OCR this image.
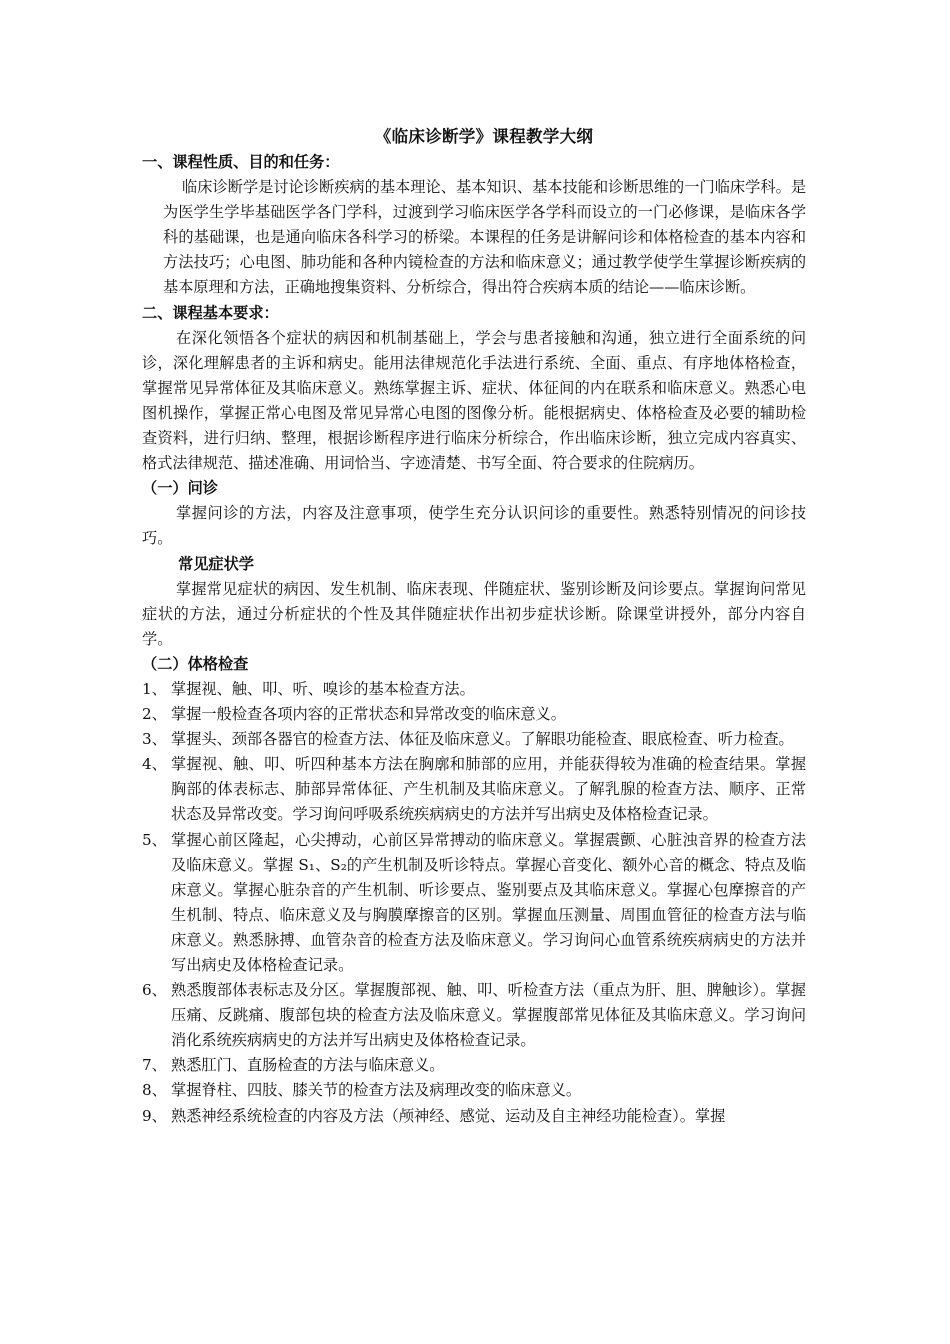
《临床诊断学》课程教学大纲

一、课程性质、目的和任务：

临床诊断学是讨论诊断疾病的基本理论、基本知识、基本技能和诊断思维的一门临床学科。是为医学生学毕基础医学各门学科，过渡到学习临床医学各学科而设立的一门必修课，是临床各学科的基础课，也是通向临床各科学习的桥梁。本课程的任务是讲解问诊和体格检查的基本内容和方法技巧；心电图、肺功能和各种内镜检查的方法和临床意义；通过教学使学生掌握诊断疾病的基本原理和方法，正确地搜集资料、分析综合，得出符合疾病本质的结论——临床诊断。

二、课程基本要求：

在深化领悟各个症状的病因和机制基础上，学会与患者接触和沟通，独立进行全面系统的问诊，深化理解患者的主诉和病史。能用法律规范化手法进行系统、全面、重点、有序地体格检查，掌握常见异常体征及其临床意义。熟练掌握主诉、症状、体征间的内在联系和临床意义。熟悉心电图机操作，掌握正常心电图及常见异常心电图的图像分析。能根据病史、体格检查及必要的辅助检查资料，进行归纳、整理，根据诊断程序进行临床分析综合，作出临床诊断，独立完成内容真实、格式法律规范、描述准确、用词恰当、字迹清楚、书写全面、符合要求的住院病历。

（一）问诊

掌握问诊的方法，内容及注意事项，使学生充分认识问诊的重要性。熟悉特别情况的问诊技巧。

常见症状学

掌握常见症状的病因、发生机制、临床表现、伴随症状、鉴别诊断及问诊要点。掌握询问常见症状的方法，通过分析症状的个性及其伴随症状作出初步症状诊断。除课堂讲授外，部分内容自学。

（二）体格检查

1、 掌握视、触、叩、听、嗅诊的基本检查方法。

2、 掌握一般检查各项内容的正常状态和异常改变的临床意义。

3、 掌握头、颈部各器官的检查方法、体征及临床意义。了解眼功能检查、眼底检查、听力检查。

4、 掌握视、触、叩、听四种基本方法在胸廓和肺部的应用，并能获得较为准确的检查结果。掌握胸部的体表标志、肺部异常体征、产生机制及其临床意义。了解乳腺的检查方法、顺序、正常状态及异常改变。学习询问呼吸系统疾病病史的方法并写出病史及体格检查记录。

5、 掌握心前区隆起，心尖搏动，心前区异常搏动的临床意义。掌握震颤、心脏浊音界的检查方法及临床意义。掌握 S₁、S₂的产生机制及听诊特点。掌握心音变化、额外心音的概念、特点及临床意义。掌握心脏杂音的产生机制、听诊要点、鉴别要点及其临床意义。掌握心包摩擦音的产生机制、特点、临床意义及与胸膜摩擦音的区别。掌握血压测量、周围血管征的检查方法与临床意义。熟悉脉搏、血管杂音的检查方法及临床意义。学习询问心血管系统疾病病史的方法并写出病史及体格检查记录。

6、 熟悉腹部体表标志及分区。掌握腹部视、触、叩、听检查方法（重点为肝、胆、脾触诊）。掌握压痛、反跳痛、腹部包块的检查方法及临床意义。掌握腹部常见体征及其临床意义。学习询问消化系统疾病病史的方法并写出病史及体格检查记录。

7、 熟悉肛门、直肠检查的方法与临床意义。

8、 掌握脊柱、四肢、膝关节的检查方法及病理改变的临床意义。

9、 熟悉神经系统检查的内容及方法（颅神经、感觉、运动及自主神经功能检查）。掌握
